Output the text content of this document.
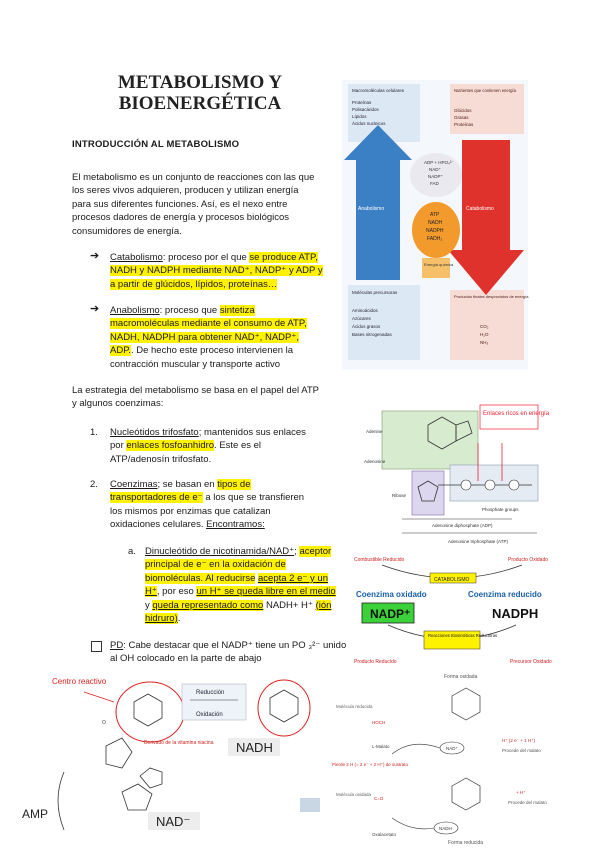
METABOLISMO Y
BIOENERGÉTICA
INTRODUCCIÓN AL METABOLISMO
El metabolismo es un conjunto de reacciones con las que los seres vivos adquieren, producen y utilizan energía para sus diferentes funciones. Así, es el nexo entre procesos dadores de energía y procesos biológicos consumidores de energía.
➔ Catabolismo: proceso por el que se produce ATP, NADH y NADPH mediante NAD⁺, NADP⁺ y ADP y a partir de glúcidos, lípidos, proteínas…
➔ Anabolismo: proceso que sintetiza macromoléculas mediante el consumo de ATP, NADH, NADPH para obtener NAD⁺, NADP⁺, ADP.. De hecho este proceso intervienen la contracción muscular y transporte activo
La estrategia del metabolismo se basa en el papel del ATP y algunos coenzimas:
1. Nucleótidos trifosfato; mantenidos sus enlaces por enlaces fosfoanhidro. Este es el ATP/adenosín trifosfato.
2. Coenzimas; se basan en tipos de transportadores de e⁻ a los que se transfieren los mismos por enzimas que catalizan oxidaciones celulares. Encontramos:
a. Dinucleótido de nicotinamida/NAD⁺; aceptor principal de e⁻ en la oxidación de biomoléculas. Al reducirse acepta 2 e⁻ y un H⁺, por eso un H⁺ se queda libre en el medio y queda representado como NADH+ H⁺ (ión hidruro).
PD: Cabe destacar que el NADP⁺ tiene un PO ₃²⁻ unido al OH colocado en la parte de abajo
Macromoléculas celulares
Proteínas
Polisacáridos
Lípidos
Ácidos nucleicos
Nutrientes que contienen energía
Glúcidos
Grasas
Proteínas
ADP + HPO₄²⁻
NAD⁺
NADP⁺
FAD
ATP
NADH
NADPH
FADH₂
Anabolismo	Catabolismo
Energía química
Moléculas precursoras
Aminoácidos
Azúcares
Ácidos grasos
Bases nitrogenadas
Productos finales desprovistos de energía
CO₂
H₂O
NH₃
Enlaces ricos en energía
Adenine
Adenosine
Ribose
Phosphate groups
Adenosine diphosphate (ADP)
Adenosine triphosphate (ATP)
Combustible Reducido	Producto Oxidado
CATABOLISMO
Coenzima oxidado	Coenzima reducido
NADP⁺	NADPH
Reacciones Biosintéticas Reductoras
Producto Reducido	Precursor Oxidado
Centro reactivo
O
Derivado de la vitamina niacina
Reducción
Oxidación
NADH
AMP	NAD⁻
Forma oxidada
Molécula reducida
HOCH
L-Malato	NAD⁺
H⁺ (2 e⁻ + 1 H⁺)
Procede del malato
Pierde 2 H (= 2 e⁻ + 2 H⁺) de sustrato
Molécula oxidada
C=O
Oxalacetato
+ H⁺
Procede del malato
NADH
Forma reducida
